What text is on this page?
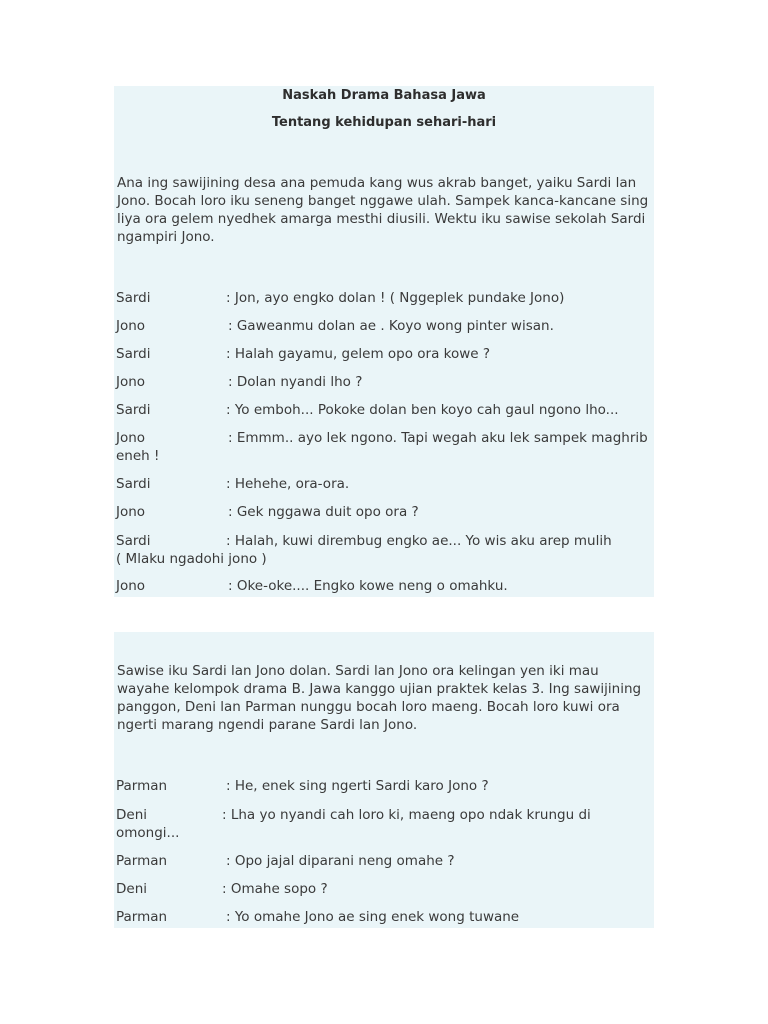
Naskah Drama Bahasa Jawa

Tentang kehidupan sehari-hari

Ana ing sawijining desa ana pemuda kang wus akrab banget, yaiku Sardi lan Jono. Bocah loro iku seneng banget nggawe ulah. Sampek kanca-kancane sing liya ora gelem nyedhek amarga mesthi diusili. Wektu iku sawise sekolah Sardi ngampiri Jono.

Sardi	: Jon, ayo engko dolan ! ( Nggeplek pundake Jono)

Jono	: Gaweanmu dolan ae . Koyo wong pinter wisan.

Sardi	: Halah gayamu, gelem opo ora kowe ?

Jono	: Dolan nyandi lho ?

Sardi	: Yo emboh... Pokoke dolan ben koyo cah gaul ngono lho...

Jono	: Emmm.. ayo lek ngono. Tapi wegah aku lek sampek maghrib
eneh !

Sardi	: Hehehe, ora-ora.

Jono	: Gek nggawa duit opo ora ?

Sardi	: Halah, kuwi dirembug engko ae... Yo wis aku arep mulih
( Mlaku ngadohi jono )

Jono	: Oke-oke.... Engko kowe neng o omahku.

Sawise iku Sardi lan Jono dolan. Sardi lan Jono ora kelingan yen iki mau wayahe kelompok drama B. Jawa kanggo ujian praktek kelas 3. Ing sawijining panggon, Deni lan Parman nunggu bocah loro maeng. Bocah loro kuwi ora ngerti marang ngendi parane Sardi lan Jono.

Parman	: He, enek sing ngerti Sardi karo Jono ?

Deni	: Lha yo nyandi cah loro ki, maeng opo ndak krungu di
omongi...

Parman	: Opo jajal diparani neng omahe ?

Deni	: Omahe sopo ?

Parman	: Yo omahe Jono ae sing enek wong tuwane
